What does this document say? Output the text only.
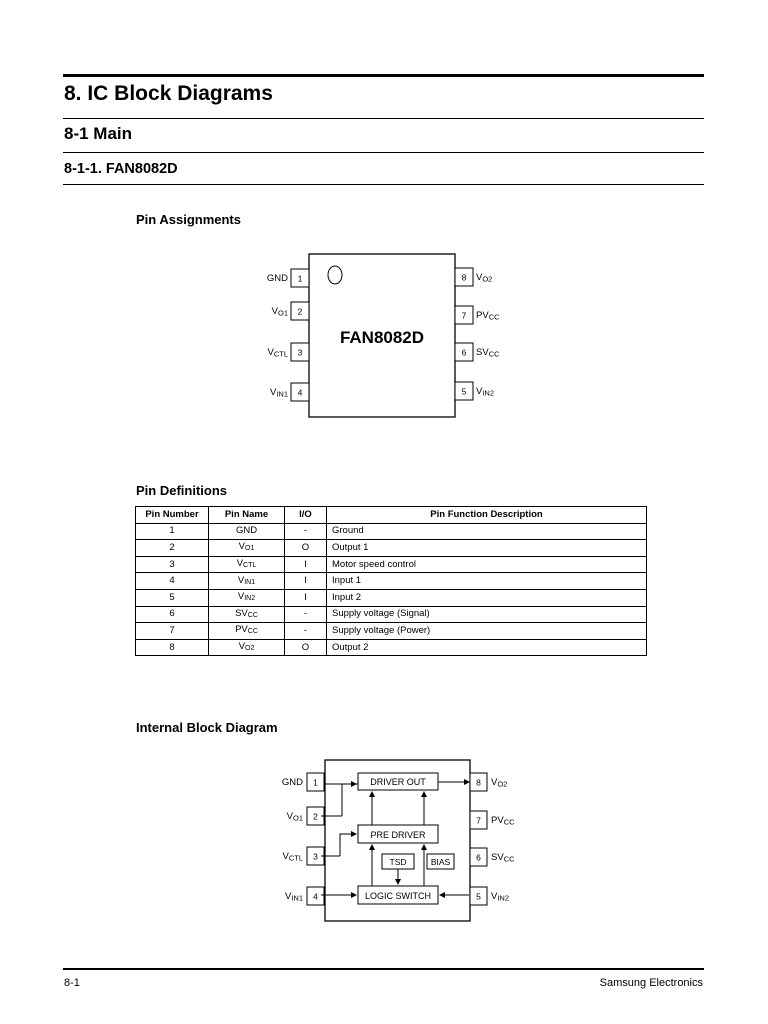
8. IC Block Diagrams
8-1 Main
8-1-1. FAN8082D
Pin Assignments
FAN8082D
1
GND
2
VO1
3
VCTL
4
VIN1
8 VO2
7 PVCC
6 SVCC
5 VIN2
Pin Definitions
Pin Number	Pin Name	I/O	Pin Function Description
1	GND	-	Ground
2	$V_{O1}$	O	Output 1
3	$V_{CTL}$	I	Motor speed control
4	$V_{IN1}$	I	Input 1
5	$V_{IN2}$	I	Input 2
6	$SV_{CC}$	-	Supply voltage (Signal)
7	$PV_{CC}$	-	Supply voltage (Power)
8	$V_{O2}$	O	Output 2
Internal Block Diagram
1
GND
2
VO1
3
VCTL
4
VIN1
8 VO2
7 PVCC
6 SVCC
5 VIN2
DRIVER OUT
PRE DRIVER
TSD	BIAS
LOGIC SWITCH
8-1	Samsung Electronics
